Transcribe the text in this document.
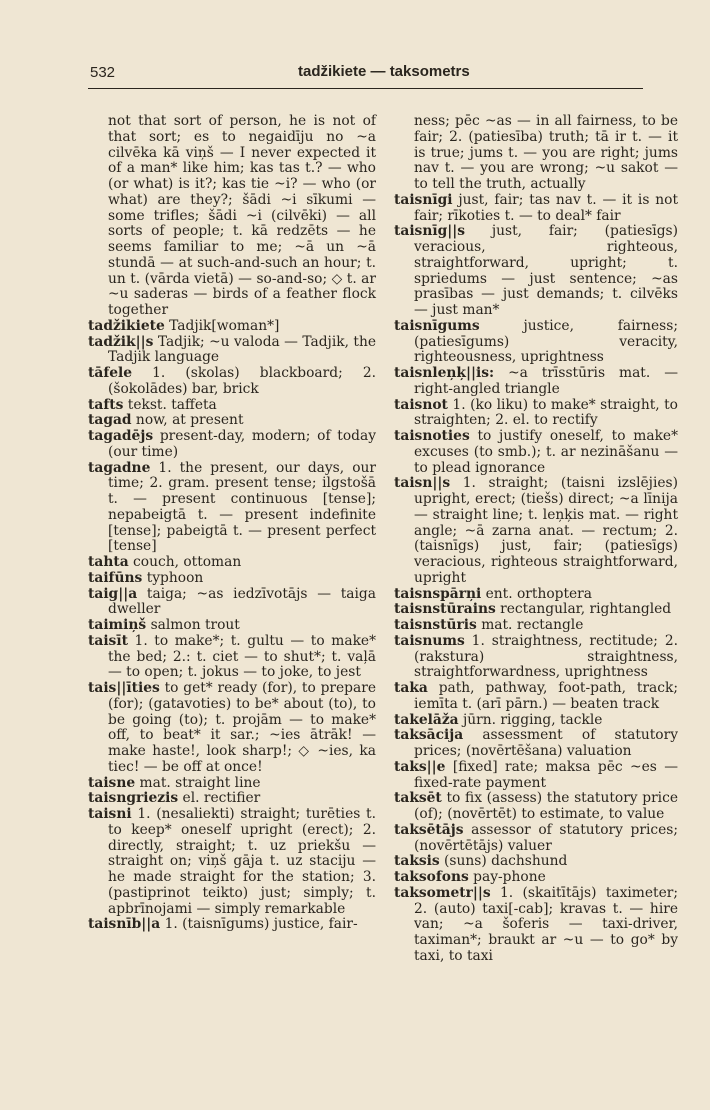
532	tadžikiete — taksometrs

not that sort of person, he is not of that sort; es to negaidīju no ~a cilvēka kā viņš — I never expected it of a man* like him; kas tas t.? — who (or what) is it?; kas tie ~i? — who (or what) are they?; šādi ~i sīkumi — some trifles; šādi ~i (cilvēki) — all sorts of people; t. kā redzēts — he seems familiar to me; ~ā un ~ā stundā — at such-and-such an hour; t. un t. (vārda vietā) — so-and-so; ◇ t. ar ~u saderas — birds of a feather flock together

tadžikiete Tadjik[woman*]

tadžik||s Tadjik; ~u valoda — Tadjik, the Tadjik language

tāfele 1. (skolas) blackboard; 2. (šokolādes) bar, brick

tafts tekst. taffeta

tagad now, at present

tagadējs present-day, modern; of today (our time)

tagadne 1. the present, our days, our time; 2. gram. present tense; ilgstošā t. — present continuous [tense]; nepabeigtā t. — present indefinite [tense]; pabeigtā t. — present perfect [tense]

tahta couch, ottoman

taifūns typhoon

taig||a taiga; ~as iedzīvotājs — taiga dweller

taimiņš salmon trout

taisīt 1. to make*; t. gultu — to make* the bed; 2.: t. ciet — to shut*; t. vaļā — to open; t. jokus — to joke, to jest

tais||īties to get* ready (for), to prepare (for); (gatavoties) to be* about (to), to be going (to); t. projām — to make* off, to beat* it sar.; ~ies ātrāk! — make haste!, look sharp!; ◇ ~ies, ka tiec! — be off at once!

taisne mat. straight line

taisngriezis el. rectifier

taisni 1. (nesaliekti) straight; turēties t. to keep* oneself upright (erect); 2. directly, straight; t. uz priekšu — straight on; viņš gāja t. uz staciju — he made straight for the station; 3. (pastiprinot teikto) just; simply; t. apbrīnojami — simply remarkable

taisnīb||a 1. (taisnīgums) justice, fair-

ness; pēc ~as — in all fairness, to be fair; 2. (patiesība) truth; tā ir t. — it is true; jums t. — you are right; jums nav t. — you are wrong; ~u sakot — to tell the truth, actually

taisnīgi just, fair; tas nav t. — it is not fair; rīkoties t. — to deal* fair

taisnīg||s just, fair; (patiesīgs) veracious, righteous, straightforward, upright; t. spriedums — just sentence; ~as prasības — just demands; t. cilvēks — just man*

taisnīgums justice, fairness; (patiesīgums) veracity, righteousness, uprightness

taisnleņķ||is: ~a trīsstūris mat. — right-angled triangle

taisnot 1. (ko liku) to make* straight, to straighten; 2. el. to rectify

taisnoties to justify oneself, to make* excuses (to smb.); t. ar nezināšanu — to plead ignorance

taisn||s 1. straight; (taisni izslējies) upright, erect; (tiešs) direct; ~a līnija — straight line; t. leņķis mat. — right angle; ~ā zarna anat. — rectum; 2. (taisnīgs) just, fair; (patiesīgs) veracious, righteous straightforward, upright

taisnspārņi ent. orthoptera

taisnstūrains rectangular, rightangled

taisnstūris mat. rectangle

taisnums 1. straightness, rectitude; 2. (rakstura) straightness, straightforwardness, uprightness

taka path, pathway, foot-path, track; iemīta t. (arī pārn.) — beaten track

takelāža jūrn. rigging, tackle

taksācija assessment of statutory prices; (novērtēšana) valuation

taks||e [fixed] rate; maksa pēc ~es — fixed-rate payment

taksēt to fix (assess) the statutory price (of); (novērtēt) to estimate, to value

taksētājs assessor of statutory prices; (novērtētājs) valuer

taksis (suns) dachshund

taksofons pay-phone

taksometr||s 1. (skaitītājs) taximeter; 2. (auto) taxi[-cab]; kravas t. — hire van; ~a šoferis — taxi-driver, taximan*; braukt ar ~u — to go* by taxi, to taxi
